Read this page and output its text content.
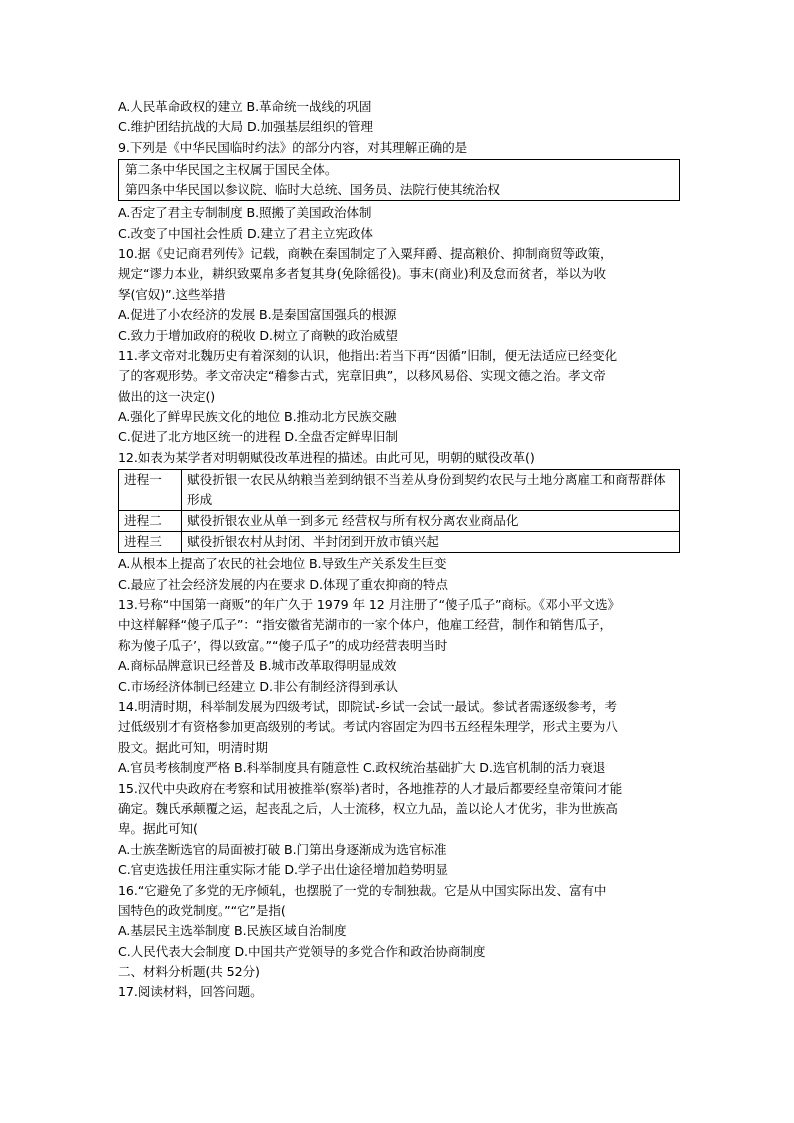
A.人民革命政权的建立 B.革命统一战线的巩固
C.维护团结抗战的大局 D.加强基层组织的管理
9.下列是《中华民国临时约法》的部分内容，对其理解正确的是
第二条中华民国之主权属于国民全体。
第四条中华民国以参议院、临时大总统、国务员、法院行使其统治权
A.否定了君主专制制度 B.照搬了美国政治体制
C.改变了中国社会性质 D.建立了君主立宪政体
10.据《史记商君列传》记载，商鞅在秦国制定了入粟拜爵、提高粮价、抑制商贸等政策，
规定“谬力本业，耕织致粟帛多者复其身(免除徭役)。事末(商业)利及怠而贫者，举以为收
孥(官奴)”.这些举措
A.促进了小农经济的发展 B.是秦国富国强兵的根源
C.致力于增加政府的税收 D.树立了商鞅的政治威望
11.孝文帝对北魏历史有着深刻的认识，他指出:若当下再“因循”旧制，便无法适应已经变化
了的客观形势。孝文帝决定“稽参古式，宪章旧典”，以移风易俗、实现文德之治。孝文帝
做出的这一决定()
A.强化了鲜卑民族文化的地位 B.推动北方民族交融
C.促进了北方地区统一的进程 D.全盘否定鲜卑旧制
12.如表为某学者对明朝赋役改革进程的描述。由此可见，明朝的赋役改革()
进程一	赋役折银一农民从纳粮当差到纳银不当差从身份到契约农民与土地分离雇工和商帮群体形成
进程二	赋役折银农业从单一到多元 经营权与所有权分离农业商品化
进程三	赋役折银农村从封闭、半封闭到开放市镇兴起
A.从根本上提高了农民的社会地位 B.导致生产关系发生巨变
C.最应了社会经济发展的内在要求 D.体现了重农抑商的特点
13.号称“中国第一商贩”的年广久于 1979 年 12 月注册了“傻子瓜子”商标。《邓小平文选》
中这样解释“傻子瓜子”：“指安徽省芜湖市的一家个体户，他雇工经营，制作和销售瓜子，
称为傻子瓜子’，得以致富。”“傻子瓜子”的成功经营表明当时
A.商标品牌意识已经普及 B.城市改革取得明显成效
C.市场经济体制已经建立 D.非公有制经济得到承认
14.明清时期，科举制发展为四级考试，即院试-乡试一会试一最试。参试者需逐级参考，考
过低级别才有资格参加更高级别的考试。考试内容固定为四书五经程朱理学，形式主要为八
股文。据此可知，明清时期
A.官员考核制度严格 B.科举制度具有随意性 C.政权统治基础扩大 D.选官机制的活力衰退
15.汉代中央政府在考察和试用被推举(察举)者时，各地推荐的人才最后都要经皇帝策问才能
确定。魏氏承颠覆之运，起丧乱之后，人士流移，权立九品，盖以论人才优劣，非为世族高
卑。据此可知(
A.士族垄断选官的局面被打破 B.门第出身逐渐成为选官标准
C.官吏选拔任用注重实际才能 D.学子出仕途径增加趋势明显
16.“它避免了多党的无序倾轧，也摆脱了一党的专制独裁。它是从中国实际出发、富有中
国特色的政党制度。”“它”是指(
A.基层民主选举制度 B.民族区域自治制度
C.人民代表大会制度 D.中国共产党领导的多党合作和政治协商制度
二、材料分析题(共 52分)
17.阅读材料，回答问题。
